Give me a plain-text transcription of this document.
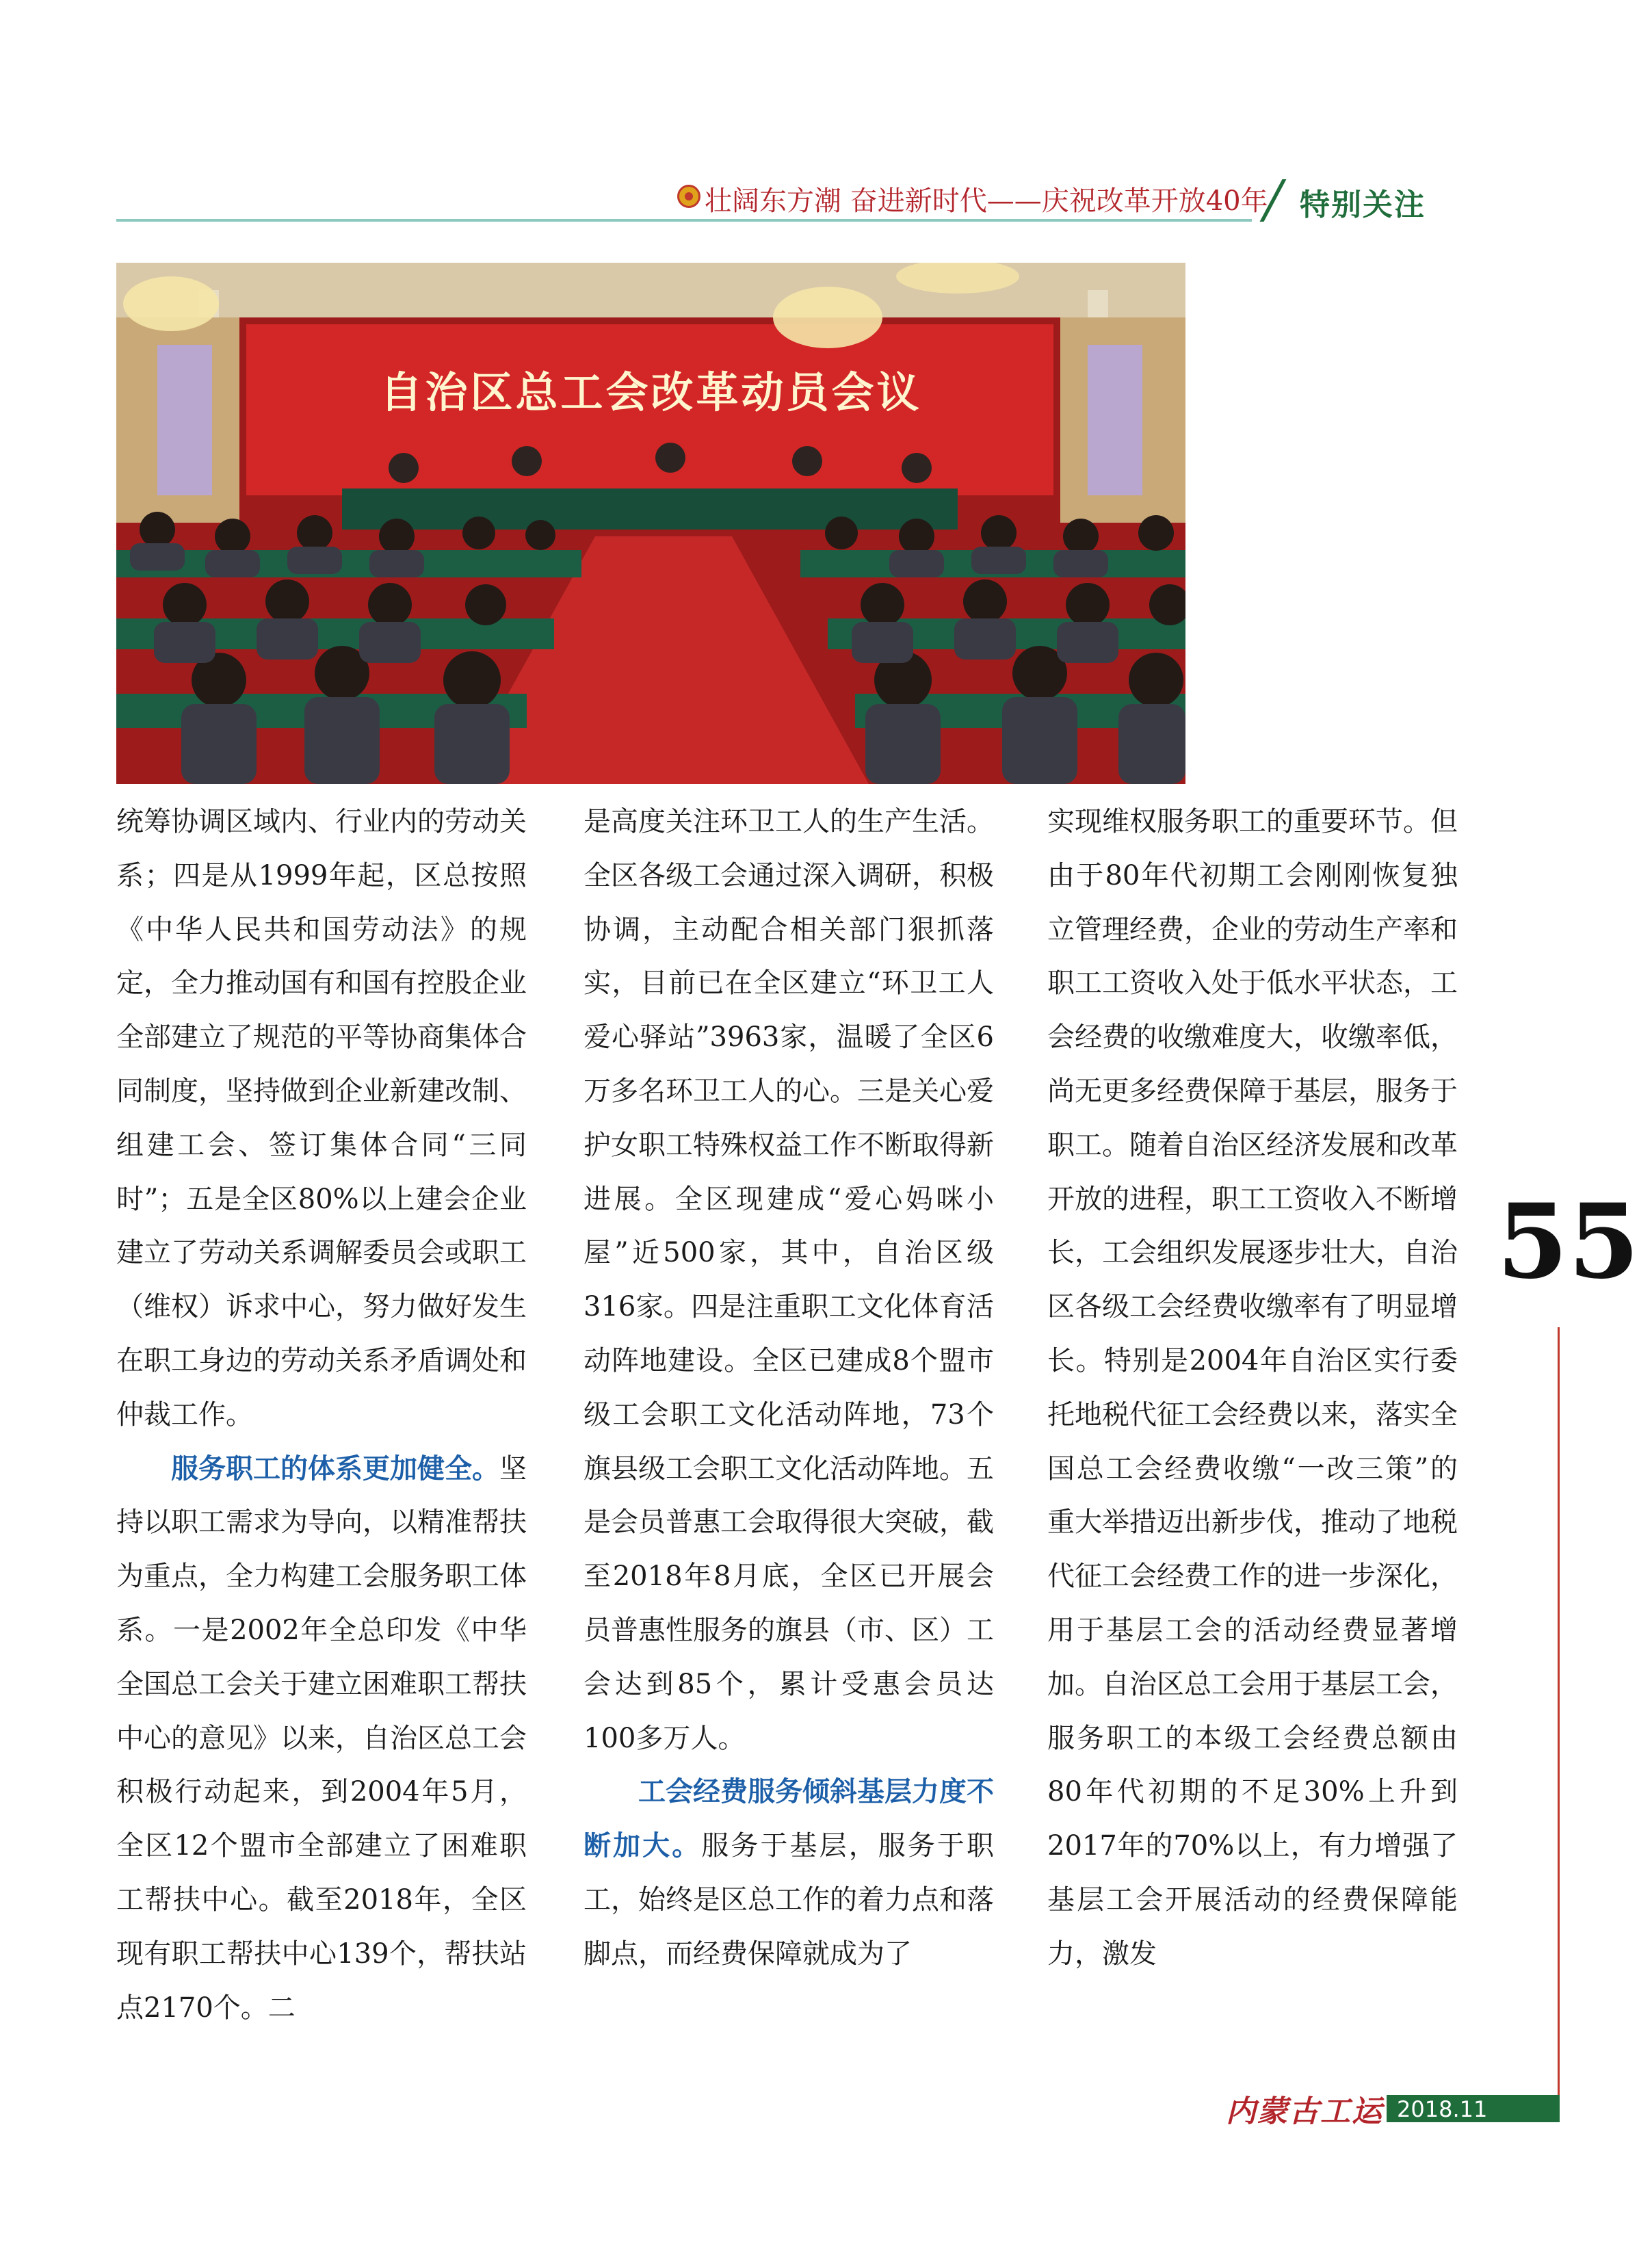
壮阔东方潮 奋进新时代——庆祝改革开放40年 特别关注
自治区总工会改革动员会议

统筹协调区域内、行业内的劳动关系；四是从1999年起，区总按照《中华人民共和国劳动法》的规定，全力推动国有和国有控股企业全部建立了规范的平等协商集体合同制度，坚持做到企业新建改制、组建工会、签订集体合同“三同时”；五是全区80%以上建会企业建立了劳动关系调解委员会或职工（维权）诉求中心，努力做好发生在职工身边的劳动关系矛盾调处和仲裁工作。

服务职工的体系更加健全。坚持以职工需求为导向，以精准帮扶为重点，全力构建工会服务职工体系。一是2002年全总印发《中华全国总工会关于建立困难职工帮扶中心的意见》以来，自治区总工会积极行动起来，到2004年5月，全区12个盟市全部建立了困难职工帮扶中心。截至2018年，全区现有职工帮扶中心139个，帮扶站点2170个。二

是高度关注环卫工人的生产生活。全区各级工会通过深入调研，积极协调，主动配合相关部门狠抓落实，目前已在全区建立“环卫工人爱心驿站”3963家，温暖了全区6万多名环卫工人的心。三是关心爱护女职工特殊权益工作不断取得新进展。全区现建成“爱心妈咪小屋”近500家，其中，自治区级316家。四是注重职工文化体育活动阵地建设。全区已建成8个盟市级工会职工文化活动阵地，73个旗县级工会职工文化活动阵地。五是会员普惠工会取得很大突破，截至2018年8月底，全区已开展会员普惠性服务的旗县（市、区）工会达到85个，累计受惠会员达100多万人。

工会经费服务倾斜基层力度不断加大。服务于基层，服务于职工，始终是区总工作的着力点和落脚点，而经费保障就成为了

实现维权服务职工的重要环节。但由于80年代初期工会刚刚恢复独立管理经费，企业的劳动生产率和职工工资收入处于低水平状态，工会经费的收缴难度大，收缴率低，尚无更多经费保障于基层，服务于职工。随着自治区经济发展和改革开放的进程，职工工资收入不断增长，工会组织发展逐步壮大，自治区各级工会经费收缴率有了明显增长。特别是2004年自治区实行委托地税代征工会经费以来，落实全国总工会经费收缴“一改三策”的重大举措迈出新步伐，推动了地税代征工会经费工作的进一步深化，用于基层工会的活动经费显著增加。自治区总工会用于基层工会，服务职工的本级工会经费总额由80年代初期的不足30%上升到2017年的70%以上，有力增强了基层工会开展活动的经费保障能力，激发

55
内蒙古工运 2018.11
